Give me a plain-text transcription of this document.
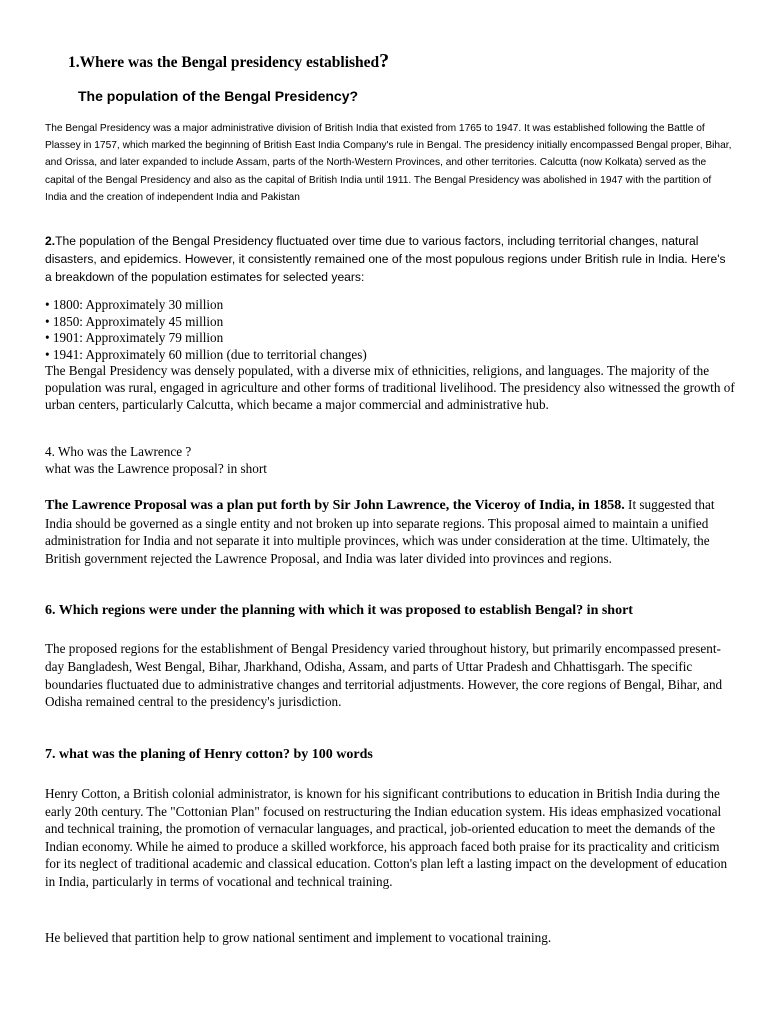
1.Where was the Bengal presidency established?
The population of the Bengal Presidency?
The Bengal Presidency was a major administrative division of British India that existed from 1765 to 1947. It was established following the Battle of Plassey in 1757, which marked the beginning of British East India Company's rule in Bengal. The presidency initially encompassed Bengal proper, Bihar, and Orissa, and later expanded to include Assam, parts of the North-Western Provinces, and other territories. Calcutta (now Kolkata) served as the capital of the Bengal Presidency and also as the capital of British India until 1911. The Bengal Presidency was abolished in 1947 with the partition of India and the creation of independent India and Pakistan
2.The population of the Bengal Presidency fluctuated over time due to various factors, including territorial changes, natural disasters, and epidemics. However, it consistently remained one of the most populous regions under British rule in India. Here's a breakdown of the population estimates for selected years:
• 1800: Approximately 30 million
• 1850: Approximately 45 million
• 1901: Approximately 79 million
• 1941: Approximately 60 million (due to territorial changes)
The Bengal Presidency was densely populated, with a diverse mix of ethnicities, religions, and languages. The majority of the population was rural, engaged in agriculture and other forms of traditional livelihood. The presidency also witnessed the growth of urban centers, particularly Calcutta, which became a major commercial and administrative hub.
4. Who was the Lawrence ?
what was the Lawrence proposal? in short
The Lawrence Proposal was a plan put forth by Sir John Lawrence, the Viceroy of India, in 1858. It suggested that India should be governed as a single entity and not broken up into separate regions. This proposal aimed to maintain a unified administration for India and not separate it into multiple provinces, which was under consideration at the time. Ultimately, the British government rejected the Lawrence Proposal, and India was later divided into provinces and regions.
6. Which regions were under the planning with which it was proposed to establish Bengal? in short
The proposed regions for the establishment of Bengal Presidency varied throughout history, but primarily encompassed present-day Bangladesh, West Bengal, Bihar, Jharkhand, Odisha, Assam, and parts of Uttar Pradesh and Chhattisgarh. The specific boundaries fluctuated due to administrative changes and territorial adjustments. However, the core regions of Bengal, Bihar, and Odisha remained central to the presidency's jurisdiction.
7. what was the planing of Henry cotton? by 100 words
Henry Cotton, a British colonial administrator, is known for his significant contributions to education in British India during the early 20th century. The "Cottonian Plan" focused on restructuring the Indian education system. His ideas emphasized vocational and technical training, the promotion of vernacular languages, and practical, job-oriented education to meet the demands of the Indian economy. While he aimed to produce a skilled workforce, his approach faced both praise for its practicality and criticism for its neglect of traditional academic and classical education. Cotton's plan left a lasting impact on the development of education in India, particularly in terms of vocational and technical training.
He believed that partition help to grow national sentiment and implement to vocational training.
